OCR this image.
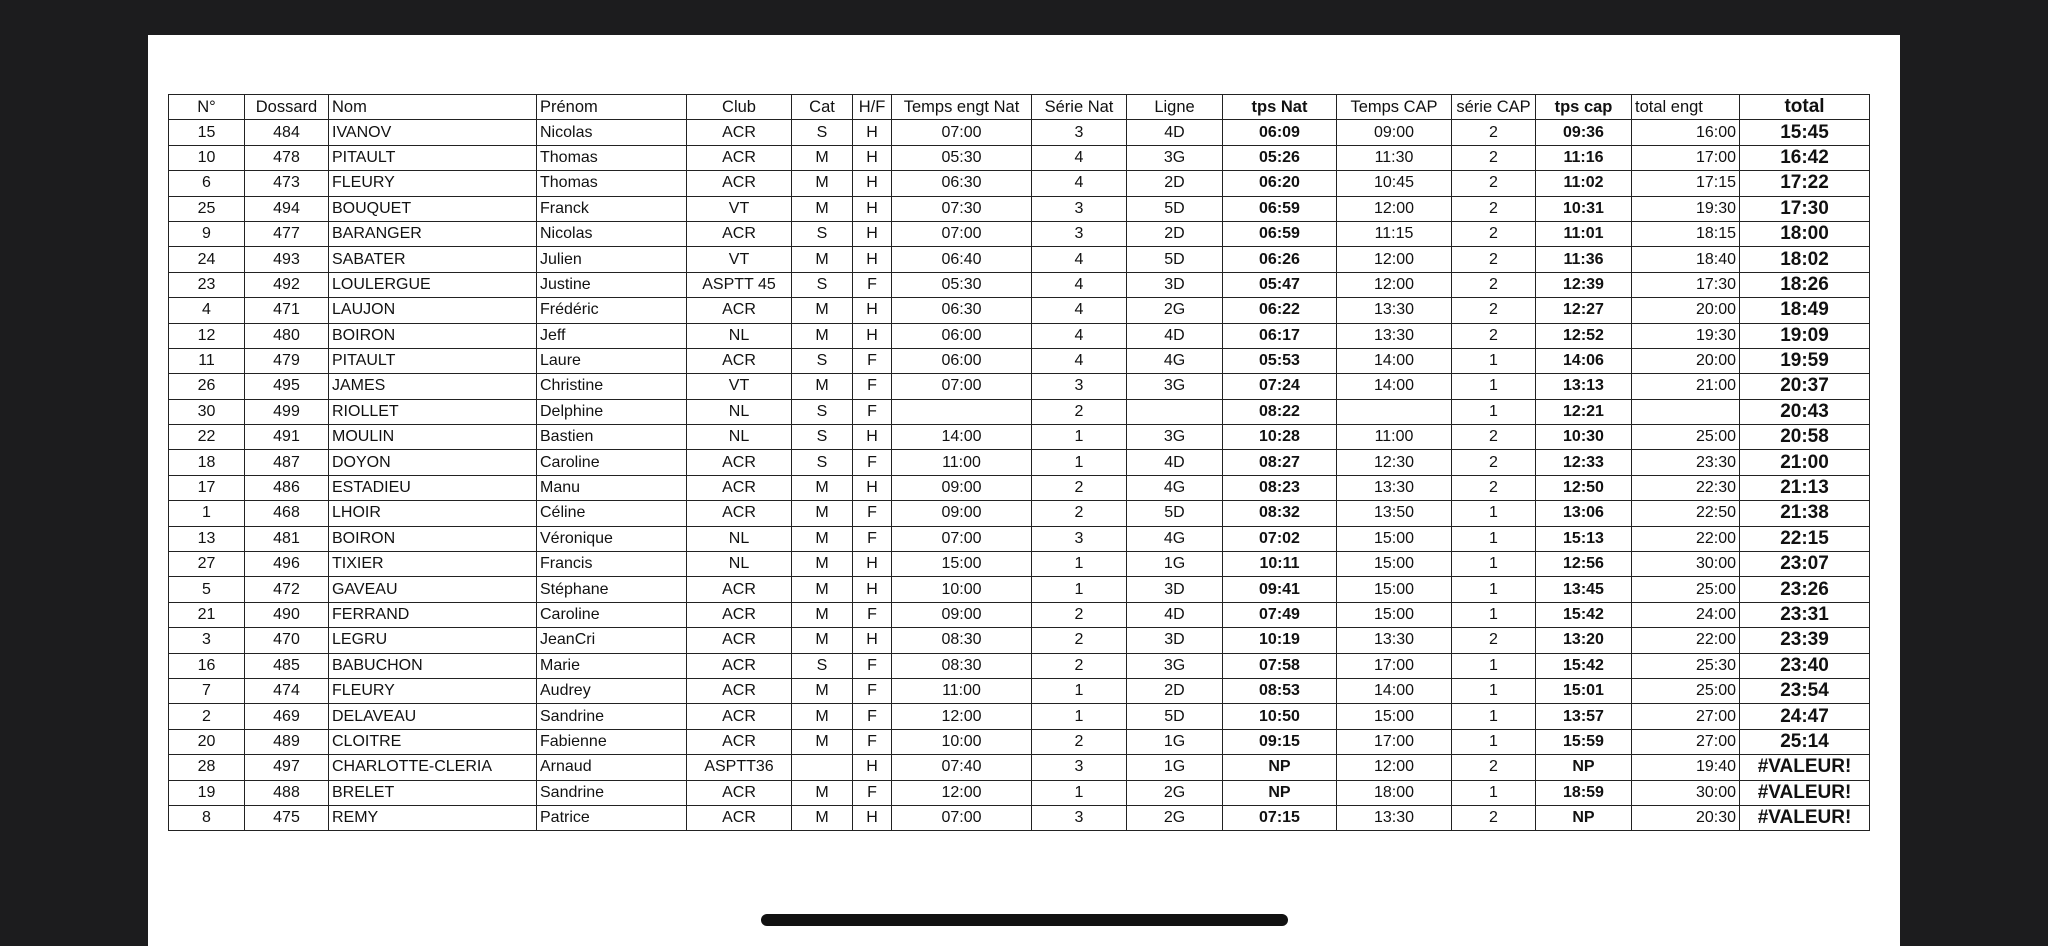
N°	Dossard	Nom	Prénom	Club	Cat	H/F	Temps engt Nat	Série Nat	Ligne	tps Nat	Temps CAP	série CAP	tps cap	total engt	total
15	484	IVANOV	Nicolas	ACR	S	H	07:00	3	4D	06:09	09:00	2	09:36	16:00	15:45
10	478	PITAULT	Thomas	ACR	M	H	05:30	4	3G	05:26	11:30	2	11:16	17:00	16:42
6	473	FLEURY	Thomas	ACR	M	H	06:30	4	2D	06:20	10:45	2	11:02	17:15	17:22
25	494	BOUQUET	Franck	VT	M	H	07:30	3	5D	06:59	12:00	2	10:31	19:30	17:30
9	477	BARANGER	Nicolas	ACR	S	H	07:00	3	2D	06:59	11:15	2	11:01	18:15	18:00
24	493	SABATER	Julien	VT	M	H	06:40	4	5D	06:26	12:00	2	11:36	18:40	18:02
23	492	LOULERGUE	Justine	ASPTT 45	S	F	05:30	4	3D	05:47	12:00	2	12:39	17:30	18:26
4	471	LAUJON	Frédéric	ACR	M	H	06:30	4	2G	06:22	13:30	2	12:27	20:00	18:49
12	480	BOIRON	Jeff	NL	M	H	06:00	4	4D	06:17	13:30	2	12:52	19:30	19:09
11	479	PITAULT	Laure	ACR	S	F	06:00	4	4G	05:53	14:00	1	14:06	20:00	19:59
26	495	JAMES	Christine	VT	M	F	07:00	3	3G	07:24	14:00	1	13:13	21:00	20:37
30	499	RIOLLET	Delphine	NL	S	F		2		08:22		1	12:21		20:43
22	491	MOULIN	Bastien	NL	S	H	14:00	1	3G	10:28	11:00	2	10:30	25:00	20:58
18	487	DOYON	Caroline	ACR	S	F	11:00	1	4D	08:27	12:30	2	12:33	23:30	21:00
17	486	ESTADIEU	Manu	ACR	M	H	09:00	2	4G	08:23	13:30	2	12:50	22:30	21:13
1	468	LHOIR	Céline	ACR	M	F	09:00	2	5D	08:32	13:50	1	13:06	22:50	21:38
13	481	BOIRON	Véronique	NL	M	F	07:00	3	4G	07:02	15:00	1	15:13	22:00	22:15
27	496	TIXIER	Francis	NL	M	H	15:00	1	1G	10:11	15:00	1	12:56	30:00	23:07
5	472	GAVEAU	Stéphane	ACR	M	H	10:00	1	3D	09:41	15:00	1	13:45	25:00	23:26
21	490	FERRAND	Caroline	ACR	M	F	09:00	2	4D	07:49	15:00	1	15:42	24:00	23:31
3	470	LEGRU	JeanCri	ACR	M	H	08:30	2	3D	10:19	13:30	2	13:20	22:00	23:39
16	485	BABUCHON	Marie	ACR	S	F	08:30	2	3G	07:58	17:00	1	15:42	25:30	23:40
7	474	FLEURY	Audrey	ACR	M	F	11:00	1	2D	08:53	14:00	1	15:01	25:00	23:54
2	469	DELAVEAU	Sandrine	ACR	M	F	12:00	1	5D	10:50	15:00	1	13:57	27:00	24:47
20	489	CLOITRE	Fabienne	ACR	M	F	10:00	2	1G	09:15	17:00	1	15:59	27:00	25:14
28	497	CHARLOTTE-CLERIA	Arnaud	ASPTT36		H	07:40	3	1G	NP	12:00	2	NP	19:40	#VALEUR!
19	488	BRELET	Sandrine	ACR	M	F	12:00	1	2G	NP	18:00	1	18:59	30:00	#VALEUR!
8	475	REMY	Patrice	ACR	M	H	07:00	3	2G	07:15	13:30	2	NP	20:30	#VALEUR!
